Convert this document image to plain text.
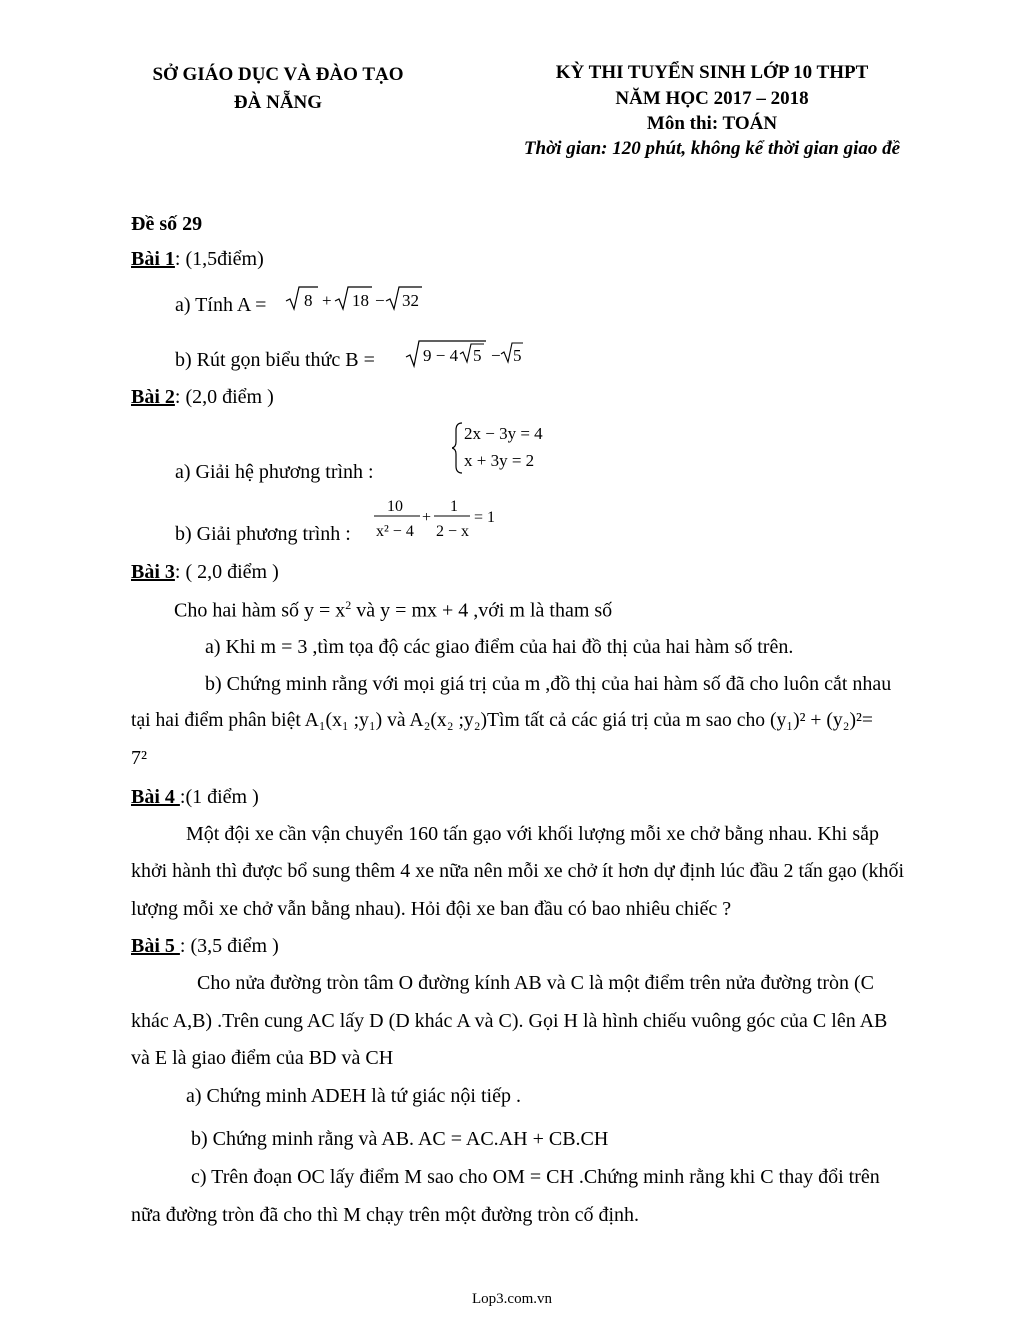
SỞ GIÁO DỤC VÀ ĐÀO TẠO
ĐÀ NẴNG
KỲ THI TUYỂN SINH LỚP 10 THPT
NĂM HỌC 2017 – 2018
Môn thi: TOÁN
Thời gian: 120 phút, không kể thời gian giao đề
Đề số 29
Bài 1: (1,5điểm)
a) Tính A = 8 + 18 − 32
b) Rút gọn biểu thức B =	9 − 4 5 − 5
Bài 2: (2,0 điểm )
2x − 3y = 4
x + 3y = 2
a) Giải hệ phương trình :
b) Giải phương trình :
10
x² − 4
+
1
2 − x
= 1
Bài 3: ( 2,0 điểm )
Cho hai hàm số $y = x^2$ và y = mx + 4 ,với m là tham số
a) Khi m = 3 ,tìm tọa độ các giao điểm của hai đồ thị của hai hàm số trên.
b) Chứng minh rằng với mọi giá trị của m ,đồ thị của hai hàm số đã cho luôn cắt nhau
tại hai điểm phân biệt A₁(x₁ ;y₁) và A₂(x₂ ;y₂)Tìm tất cả các giá trị của m sao cho (y₁)² + (y₂)²=
7²
Bài 4 :(1 điểm )
Một đội xe cần vận chuyển 160 tấn gạo với khối lượng mỗi xe chở bằng nhau. Khi sắp
khởi hành thì được bổ sung thêm 4 xe nữa nên mỗi xe chở ít hơn dự định lúc đầu 2 tấn gạo (khối
lượng mỗi xe chở vẫn bằng nhau). Hỏi đội xe ban đầu có bao nhiêu chiếc ?
Bài 5 : (3,5 điểm )
Cho nửa đường tròn tâm O đường kính AB và C là một điểm trên nửa đường tròn (C
khác A,B) .Trên cung AC lấy D (D khác A và C). Gọi H là hình chiếu vuông góc của C lên AB
và E là giao điểm của BD và CH
a) Chứng minh ADEH là tứ giác nội tiếp .
b) Chứng minh rằng và AB. AC = AC.AH + CB.CH
c) Trên đoạn OC lấy điểm M sao cho OM = CH .Chứng minh rằng khi C thay đổi trên
nữa đường tròn đã cho thì M chạy trên một đường tròn cố định.
Lop3.com.vn
